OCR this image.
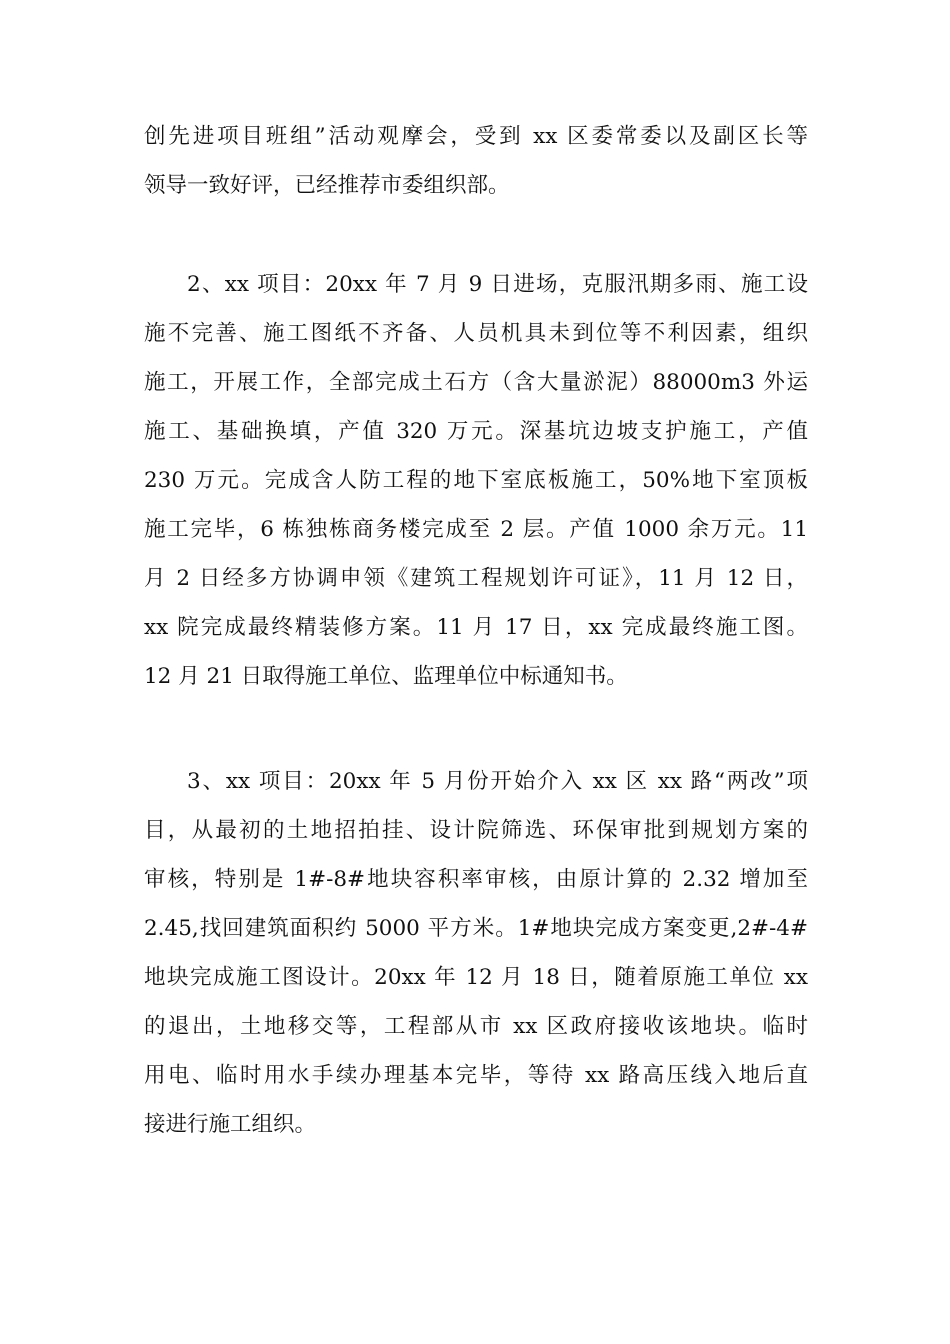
创先进项目班组”活动观摩会，受到 xx 区委常委以及副区长等
领导一致好评，已经推荐市委组织部。
2、xx 项目：20xx 年 7 月 9 日进场，克服汛期多雨、施工设
施不完善、施工图纸不齐备、人员机具未到位等不利因素，组织
施工，开展工作，全部完成土石方（含大量淤泥）88000m3 外运
施工、基础换填，产值 320 万元。深基坑边坡支护施工，产值
230 万元。完成含人防工程的地下室底板施工，50%地下室顶板
施工完毕，6 栋独栋商务楼完成至 2 层。产值 1000 余万元。11
月 2 日经多方协调申领《建筑工程规划许可证》，11 月 12 日，
xx 院完成最终精装修方案。11 月 17 日，xx 完成最终施工图。
12 月 21 日取得施工单位、监理单位中标通知书。
3、xx 项目：20xx 年 5 月份开始介入 xx 区 xx 路“两改”项
目，从最初的土地招拍挂、设计院筛选、环保审批到规划方案的
审核，特别是 1#-8#地块容积率审核，由原计算的 2.32 增加至
2.45,找回建筑面积约 5000 平方米。1#地块完成方案变更,2#-4#
地块完成施工图设计。20xx 年 12 月 18 日，随着原施工单位 xx
的退出，土地移交等，工程部从市 xx 区政府接收该地块。临时
用电、临时用水手续办理基本完毕，等待 xx 路高压线入地后直
接进行施工组织。
